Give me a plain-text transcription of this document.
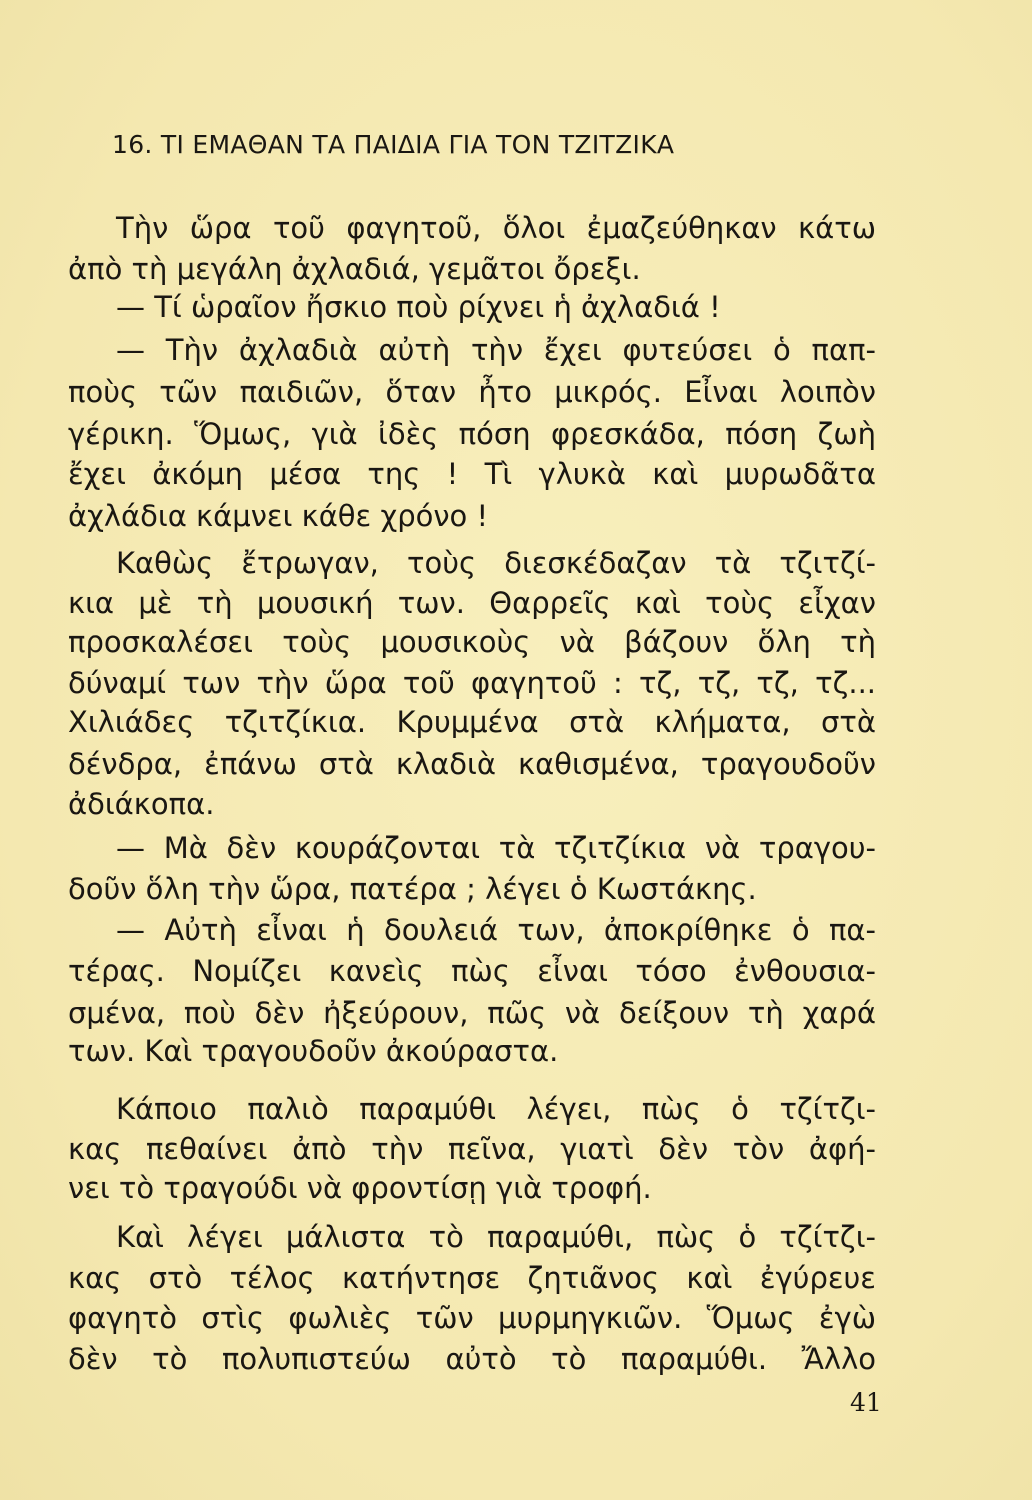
16. ΤΙ ΕΜΑΘΑΝ ΤΑ ΠΑΙΔΙΑ ΓΙΑ ΤΟΝ ΤΖΙΤΖΙΚΑ
Τὴν ὥρα τοῦ φαγητοῦ, ὅλοι ἐμαζεύθηκαν κάτω
ἀπὸ τὴ μεγάλη ἀχλαδιά, γεμᾶτοι ὄρεξι.
— Τί ὡραῖον ἤσκιο ποὺ ρίχνει ἡ ἀχλαδιά !
— Τὴν ἀχλαδιὰ αὐτὴ τὴν ἔχει φυτεύσει ὁ παπ-
ποὺς τῶν παιδιῶν, ὅταν ἦτο μικρός. Εἶναι λοιπὸν
γέρικη. Ὅμως, γιὰ ἰδὲς πόση φρεσκάδα, πόση ζωὴ
ἔχει ἀκόμη μέσα της ! Τὶ γλυκὰ καὶ μυρωδᾶτα
ἀχλάδια κάμνει κάθε χρόνο !
Καθὼς ἔτρωγαν, τοὺς διεσκέδαζαν τὰ τζιτζί-
κια μὲ τὴ μουσική των. Θαρρεῖς καὶ τοὺς εἶχαν
προσκαλέσει τοὺς μουσικοὺς νὰ βάζουν ὅλη τὴ
δύναμί των τὴν ὥρα τοῦ φαγητοῦ : τζ, τζ, τζ, τζ...
Χιλιάδες τζιτζίκια. Κρυμμένα στὰ κλήματα, στὰ
δένδρα, ἐπάνω στὰ κλαδιὰ καθισμένα, τραγουδοῦν
ἀδιάκοπα.
— Μὰ δὲν κουράζονται τὰ τζιτζίκια νὰ τραγου-
δοῦν ὅλη τὴν ὥρα, πατέρα ; λέγει ὁ Κωστάκης.
— Αὐτὴ εἶναι ἡ δουλειά των, ἀποκρίθηκε ὁ πα-
τέρας. Νομίζει κανεὶς πὼς εἶναι τόσο ἐνθουσια-
σμένα, ποὺ δὲν ἠξεύρουν, πῶς νὰ δείξουν τὴ χαρά
των. Καὶ τραγουδοῦν ἀκούραστα.
Κάποιο παλιὸ παραμύθι λέγει, πὼς ὁ τζίτζι-
κας πεθαίνει ἀπὸ τὴν πεῖνα, γιατὶ δὲν τὸν ἀφή-
νει τὸ τραγούδι νὰ φροντίσῃ γιὰ τροφή.
Καὶ λέγει μάλιστα τὸ παραμύθι, πὼς ὁ τζίτζι-
κας στὸ τέλος κατήντησε ζητιᾶνος καὶ ἐγύρευε
φαγητὸ στὶς φωλιὲς τῶν μυρμηγκιῶν. Ὅμως ἐγὼ
δὲν τὸ πολυπιστεύω αὐτὸ τὸ παραμύθι. Ἄλλο
41
